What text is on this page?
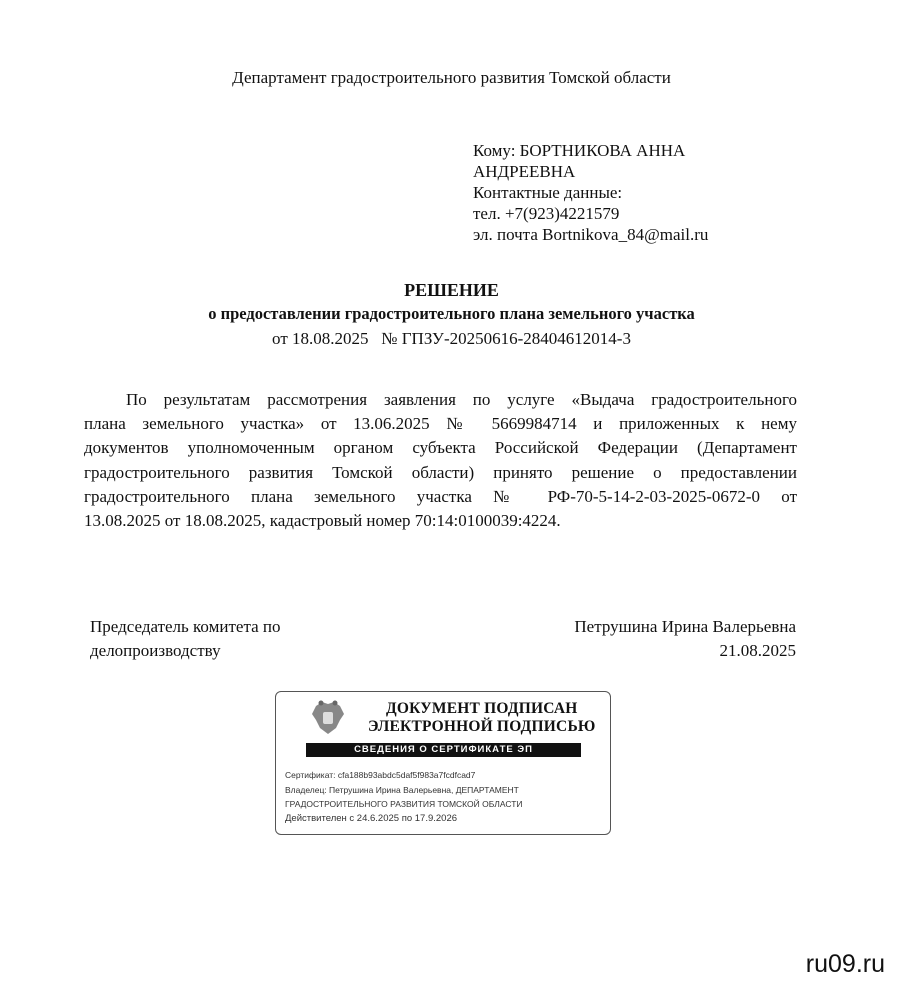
Департамент градостроительного развития Томской области
Кому: БОРТНИКОВА АННА
АНДРЕЕВНА
Контактные данные:
тел. +7(923)4221579
эл. почта Bortnikova_84@mail.ru
РЕШЕНИЕ
о предоставлении градостроительного плана земельного участка
от 18.08.2025   № ГПЗУ-20250616-28404612014-3
По результатам рассмотрения заявления по услуге «Выдача градостроительного
плана земельного участка» от 13.06.2025 № 5669984714 и приложенных к нему
документов уполномоченным органом субъекта Российской Федерации (Департамент
градостроительного развития Томской области) принято решение о предоставлении
градостроительного плана земельного участка № РФ-70-5-14-2-03-2025-0672-0 от
13.08.2025 от 18.08.2025, кадастровый номер 70:14:0100039:4224.
Председатель комитета по
делопроизводству
Петрушина Ирина Валерьевна
21.08.2025
ДОКУМЕНТ ПОДПИСАН
ЭЛЕКТРОННОЙ ПОДПИСЬЮ
СВЕДЕНИЯ О СЕРТИФИКАТЕ ЭП
Сертификат: cfa188b93abdc5daf5f983a7fcdfcad7
Владелец: Петрушина Ирина Валерьевна, ДЕПАРТАМЕНТ
ГРАДОСТРОИТЕЛЬНОГО РАЗВИТИЯ ТОМСКОЙ ОБЛАСТИ
Действителен с 24.6.2025 по 17.9.2026
ru09.ru
